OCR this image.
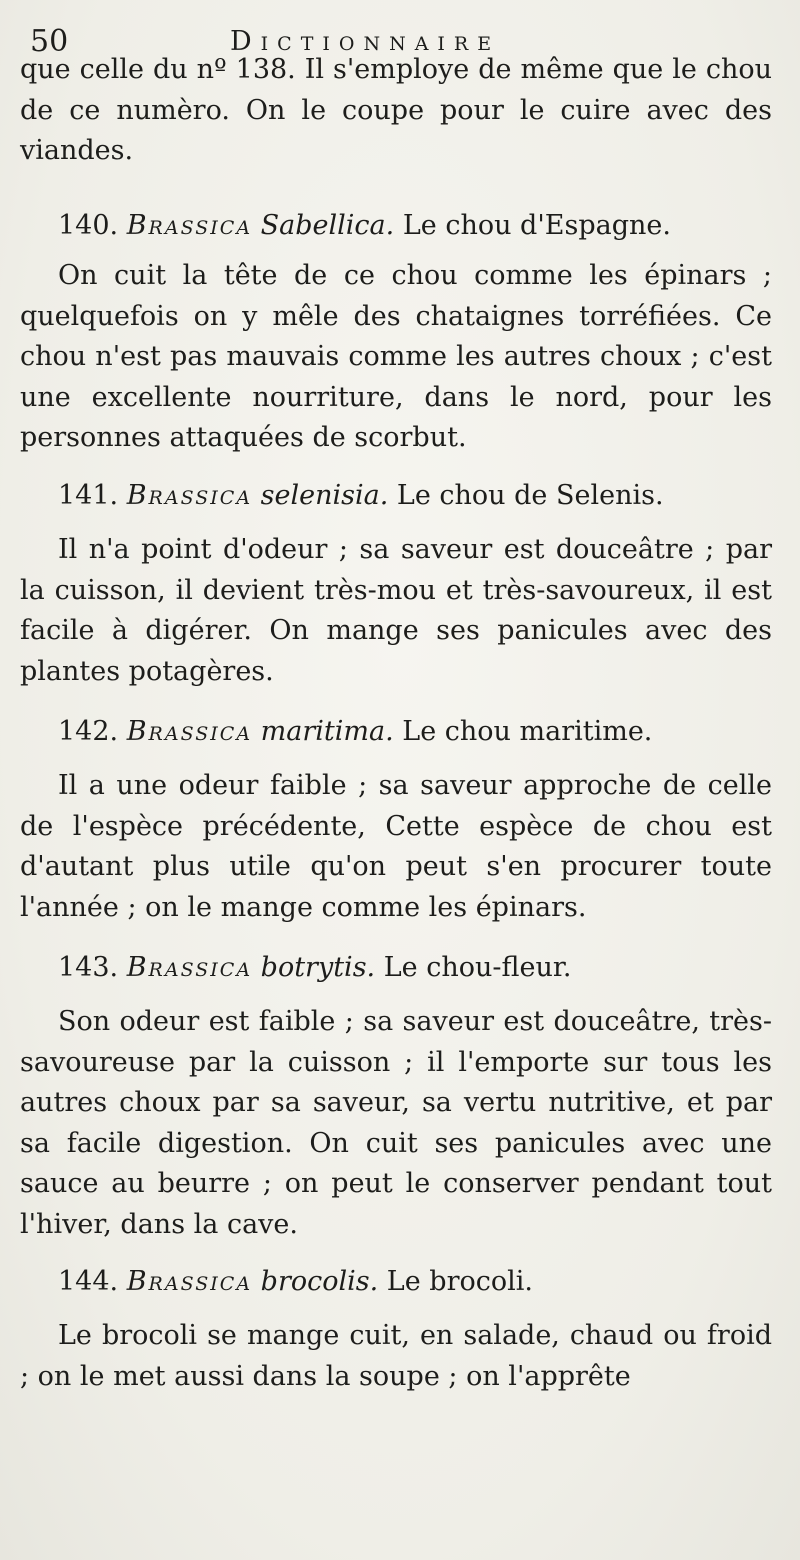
50	Dictionnaire

que celle du nº 138. Il s'employe de même que le chou de ce numèro. On le coupe pour le cuire avec des viandes.

140. Brassica Sabellica. Le chou d'Espagne.

On cuit la tête de ce chou comme les épinars ; quelquefois on y mêle des chataignes torréfiées. Ce chou n'est pas mauvais comme les autres choux ; c'est une excellente nourriture, dans le nord, pour les personnes attaquées de scorbut.

141. Brassica selenisia. Le chou de Selenis.

Il n'a point d'odeur ; sa saveur est douceâtre ; par la cuisson, il devient très-mou et très-savoureux, il est facile à digérer. On mange ses panicules avec des plantes potagères.

142. Brassica maritima. Le chou maritime.

Il a une odeur faible ; sa saveur approche de celle de l'espèce précédente, Cette espèce de chou est d'autant plus utile qu'on peut s'en procurer toute l'année ; on le mange comme les épinars.

143. Brassica botrytis. Le chou-fleur.

Son odeur est faible ; sa saveur est douceâtre, très-savoureuse par la cuisson ; il l'emporte sur tous les autres choux par sa saveur, sa vertu nutritive, et par sa facile digestion. On cuit ses panicules avec une sauce au beurre ; on peut le conserver pendant tout l'hiver, dans la cave.

144. Brassica brocolis. Le brocoli.

Le brocoli se mange cuit, en salade, chaud ou froid ; on le met aussi dans la soupe ; on l'apprête
